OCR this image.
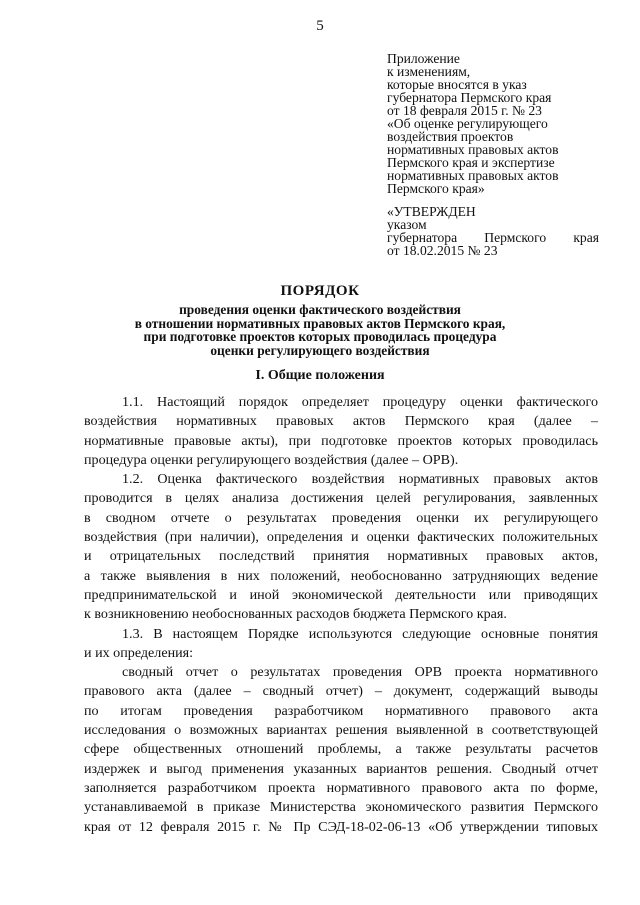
5
Приложение
к изменениям,
которые вносятся в указ
губернатора Пермского края
от 18 февраля 2015 г. № 23
«Об оценке регулирующего
воздействия проектов
нормативных правовых актов
Пермского края и экспертизе
нормативных правовых актов
Пермского края»
«УТВЕРЖДЕН
указом
губернатора Пермского края
от 18.02.2015 № 23
ПОРЯДОК
проведения оценки фактического воздействия
в отношении нормативных правовых актов Пермского края,
при подготовке проектов которых проводилась процедура
оценки регулирующего воздействия
I. Общие положения
1.1. Настоящий порядок определяет процедуру оценки фактического
воздействия нормативных правовых актов Пермского края (далее –
нормативные правовые акты), при подготовке проектов которых проводилась
процедура оценки регулирующего воздействия (далее – ОРВ).
1.2. Оценка фактического воздействия нормативных правовых актов
проводится в целях анализа достижения целей регулирования, заявленных
в сводном отчете о результатах проведения оценки их регулирующего
воздействия (при наличии), определения и оценки фактических положительных
и отрицательных последствий принятия нормативных правовых актов,
а также выявления в них положений, необоснованно затрудняющих ведение
предпринимательской и иной экономической деятельности или приводящих
к возникновению необоснованных расходов бюджета Пермского края.
1.3. В настоящем Порядке используются следующие основные понятия
и их определения:
сводный отчет о результатах проведения ОРВ проекта нормативного
правового акта (далее – сводный отчет) – документ, содержащий выводы
по итогам проведения разработчиком нормативного правового акта
исследования о возможных вариантах решения выявленной в соответствующей
сфере общественных отношений проблемы, а также результаты расчетов
издержек и выгод применения указанных вариантов решения. Сводный отчет
заполняется разработчиком проекта нормативного правового акта по форме,
устанавливаемой в приказе Министерства экономического развития Пермского
края от 12 февраля 2015 г. № Пр СЭД-18-02-06-13 «Об утверждении типовых
